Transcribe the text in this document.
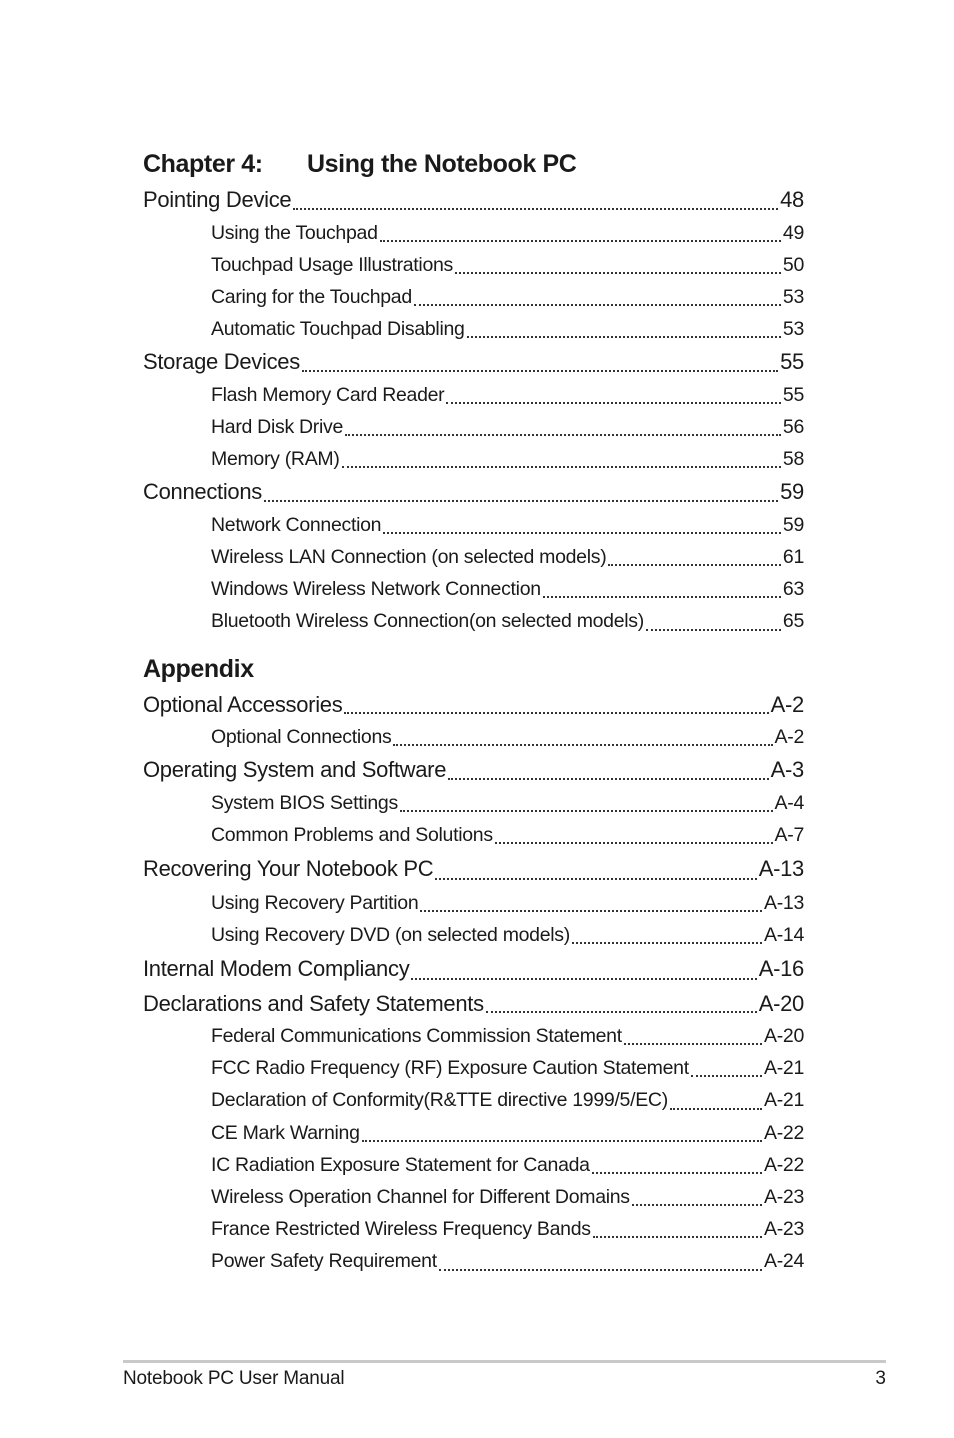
Chapter 4: Using the Notebook PC
Pointing Device	48
Using the Touchpad	49
Touchpad Usage Illustrations	50
Caring for the Touchpad	53
Automatic Touchpad Disabling	53
Storage Devices	55
Flash Memory Card Reader	55
Hard Disk Drive	56
Memory (RAM)	58
Connections	59
Network Connection	59
Wireless LAN Connection (on selected models)	61
Windows Wireless Network Connection	63
Bluetooth Wireless Connection(on selected models)	65
Appendix
Optional Accessories	A-2
Optional Connections	A-2
Operating System and Software	A-3
System BIOS Settings	A-4
Common Problems and Solutions	A-7
Recovering Your Notebook PC	A-13
Using Recovery Partition	A-13
Using Recovery DVD (on selected models)	A-14
Internal Modem Compliancy	A-16
Declarations and Safety Statements	A-20
Federal Communications Commission Statement	A-20
FCC Radio Frequency (RF) Exposure Caution Statement	A-21
Declaration of Conformity(R&TTE directive 1999/5/EC)	A-21
CE Mark Warning	A-22
IC Radiation Exposure Statement for Canada	A-22
Wireless Operation Channel for Different Domains	A-23
France Restricted Wireless Frequency Bands	A-23
Power Safety Requirement	A-24
Notebook PC User Manual	3
